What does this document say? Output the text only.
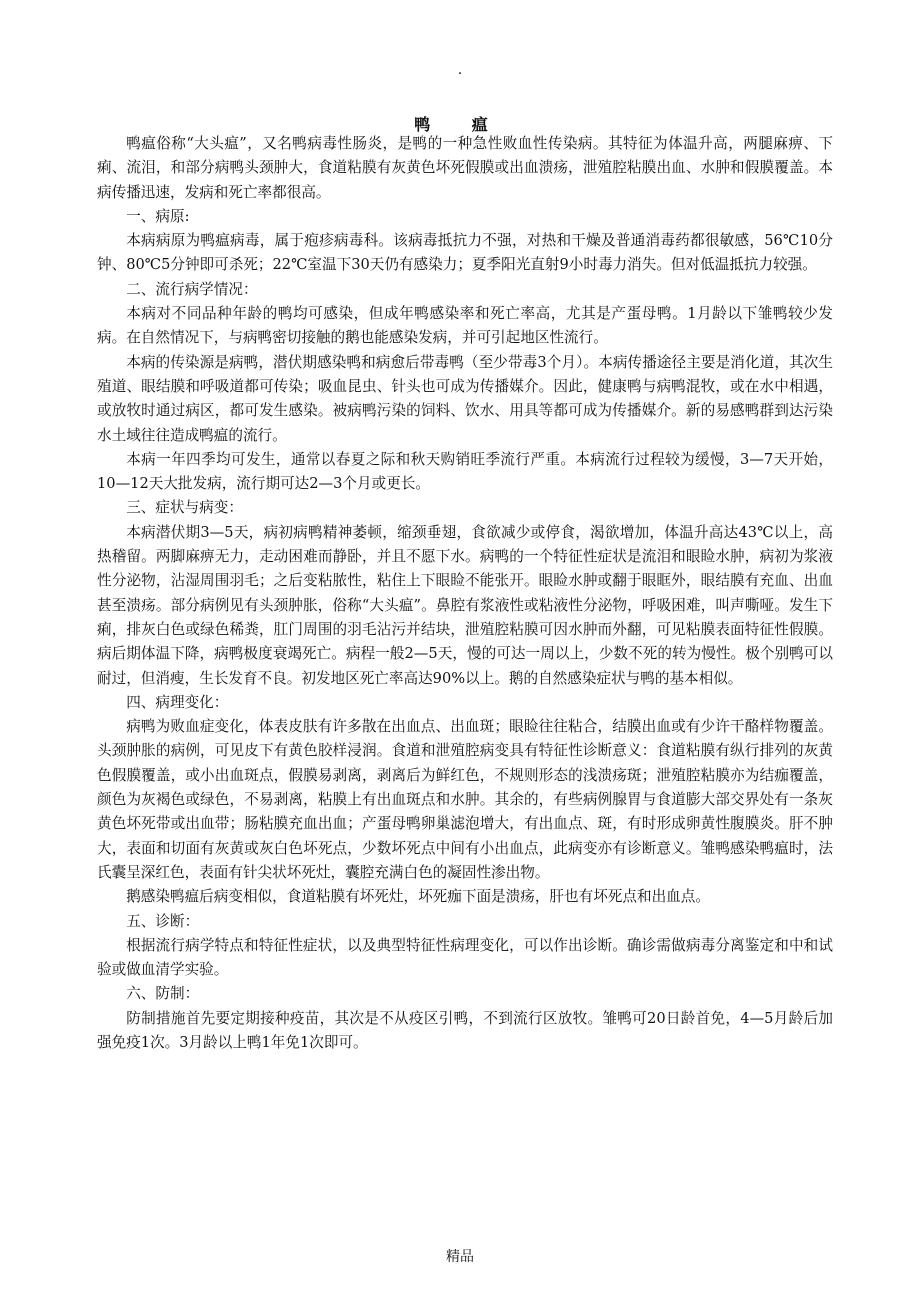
.
鸭 瘟

鸭瘟俗称“大头瘟”，又名鸭病毒性肠炎，是鸭的一种急性败血性传染病。其特征为体温升高，两腿麻痹、下痢、流泪，和部分病鸭头颈肿大，食道粘膜有灰黄色坏死假膜或出血溃疡，泄殖腔粘膜出血、水肿和假膜覆盖。本病传播迅速，发病和死亡率都很高。

一、病原:

本病病原为鸭瘟病毒，属于疱疹病毒科。该病毒抵抗力不强，对热和干燥及普通消毒药都很敏感，56℃10分钟、80℃5分钟即可杀死；22℃室温下30天仍有感染力；夏季阳光直射9小时毒力消失。但对低温抵抗力较强。

二、流行病学情况：

本病对不同品种年龄的鸭均可感染，但成年鸭感染率和死亡率高，尤其是产蛋母鸭。1月龄以下雏鸭较少发病。在自然情况下，与病鸭密切接触的鹅也能感染发病，并可引起地区性流行。

本病的传染源是病鸭，潜伏期感染鸭和病愈后带毒鸭（至少带毒3个月）。本病传播途径主要是消化道，其次生殖道、眼结膜和呼吸道都可传染；吸血昆虫、针头也可成为传播媒介。因此，健康鸭与病鸭混牧，或在水中相遇，或放牧时通过病区，都可发生感染。被病鸭污染的饲料、饮水、用具等都可成为传播媒介。新的易感鸭群到达污染水土域往往造成鸭瘟的流行。

本病一年四季均可发生，通常以春夏之际和秋天购销旺季流行严重。本病流行过程较为缓慢，3—7天开始，10—12天大批发病，流行期可达2—3个月或更长。

三、症状与病变：

本病潜伏期3—5天，病初病鸭精神萎顿，缩颈垂翅，食欲减少或停食，渴欲增加，体温升高达43℃以上，高热稽留。两脚麻痹无力，走动困难而静卧，并且不愿下水。病鸭的一个特征性症状是流泪和眼睑水肿，病初为浆液性分泌物，沾湿周围羽毛；之后变粘脓性，粘住上下眼睑不能张开。眼睑水肿或翻于眼眶外，眼结膜有充血、出血甚至溃疡。部分病例见有头颈肿胀，俗称“大头瘟”。鼻腔有浆液性或粘液性分泌物，呼吸困难，叫声嘶哑。发生下痢，排灰白色或绿色稀粪，肛门周围的羽毛沾污并结块，泄殖腔粘膜可因水肿而外翻，可见粘膜表面特征性假膜。病后期体温下降，病鸭极度衰竭死亡。病程一般2—5天，慢的可达一周以上，少数不死的转为慢性。极个别鸭可以耐过，但消瘦，生长发育不良。初发地区死亡率高达90%以上。鹅的自然感染症状与鸭的基本相似。

四、病理变化：

病鸭为败血症变化，体表皮肤有许多散在出血点、出血斑；眼睑往往粘合，结膜出血或有少许干酪样物覆盖。头颈肿胀的病例，可见皮下有黄色胶样浸润。食道和泄殖腔病变具有特征性诊断意义：食道粘膜有纵行排列的灰黄色假膜覆盖，或小出血斑点，假膜易剥离，剥离后为鲜红色，不规则形态的浅溃疡斑；泄殖腔粘膜亦为结痂覆盖，颜色为灰褐色或绿色，不易剥离，粘膜上有出血斑点和水肿。其余的，有些病例腺胃与食道膨大部交界处有一条灰黄色坏死带或出血带；肠粘膜充血出血；产蛋母鸭卵巢滤泡增大，有出血点、斑，有时形成卵黄性腹膜炎。肝不肿大，表面和切面有灰黄或灰白色坏死点，少数坏死点中间有小出血点，此病变亦有诊断意义。雏鸭感染鸭瘟时，法氏囊呈深红色，表面有针尖状坏死灶，囊腔充满白色的凝固性渗出物。

鹅感染鸭瘟后病变相似，食道粘膜有坏死灶，坏死痂下面是溃疡，肝也有坏死点和出血点。

五、诊断：

根据流行病学特点和特征性症状，以及典型特征性病理变化，可以作出诊断。确诊需做病毒分离鉴定和中和试验或做血清学实验。

六、防制：

防制措施首先要定期接种疫苗，其次是不从疫区引鸭，不到流行区放牧。雏鸭可20日龄首免，4—5月龄后加强免疫1次。3月龄以上鸭1年免1次即可。

精品
